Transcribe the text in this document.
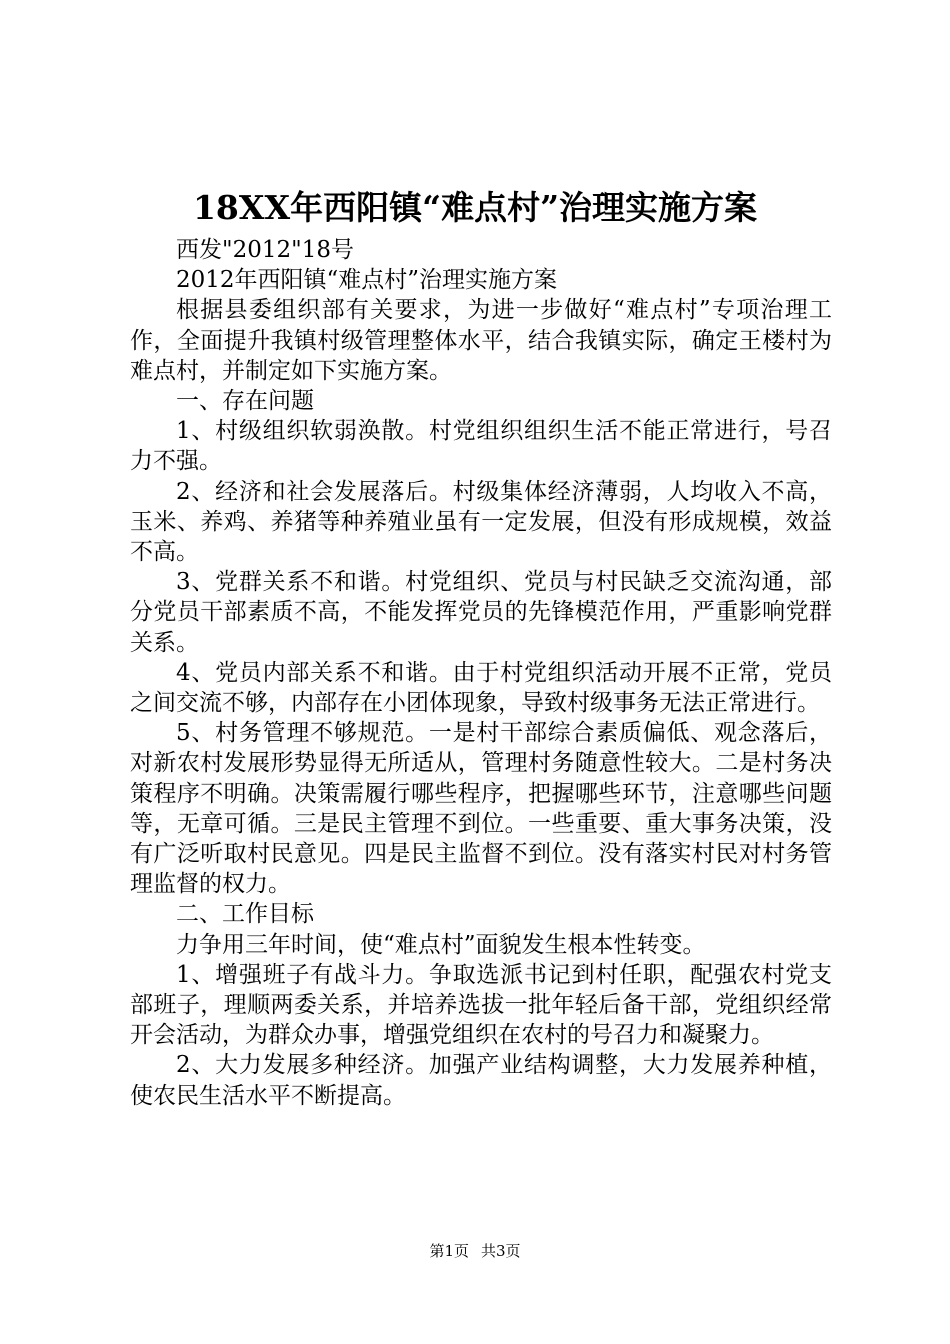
18XX年西阳镇“难点村”治理实施方案

西发"2012"18号

2012年西阳镇“难点村”治理实施方案

根据县委组织部有关要求，为进一步做好“难点村”专项治理工作，全面提升我镇村级管理整体水平，结合我镇实际，确定王楼村为难点村，并制定如下实施方案。

一、存在问题

1、村级组织软弱涣散。村党组织组织生活不能正常进行，号召力不强。

2、经济和社会发展落后。村级集体经济薄弱，人均收入不高，玉米、养鸡、养猪等种养殖业虽有一定发展，但没有形成规模，效益不高。

3、党群关系不和谐。村党组织、党员与村民缺乏交流沟通，部分党员干部素质不高，不能发挥党员的先锋模范作用，严重影响党群关系。

4、党员内部关系不和谐。由于村党组织活动开展不正常，党员之间交流不够，内部存在小团体现象，导致村级事务无法正常进行。

5、村务管理不够规范。一是村干部综合素质偏低、观念落后，对新农村发展形势显得无所适从，管理村务随意性较大。二是村务决策程序不明确。决策需履行哪些程序，把握哪些环节，注意哪些问题等，无章可循。三是民主管理不到位。一些重要、重大事务决策，没有广泛听取村民意见。四是民主监督不到位。没有落实村民对村务管理监督的权力。

二、工作目标

力争用三年时间，使“难点村”面貌发生根本性转变。

1、增强班子有战斗力。争取选派书记到村任职，配强农村党支部班子，理顺两委关系，并培养选拔一批年轻后备干部，党组织经常开会活动，为群众办事，增强党组织在农村的号召力和凝聚力。

2、大力发展多种经济。加强产业结构调整，大力发展养种植，使农民生活水平不断提高。

第1页 共3页
